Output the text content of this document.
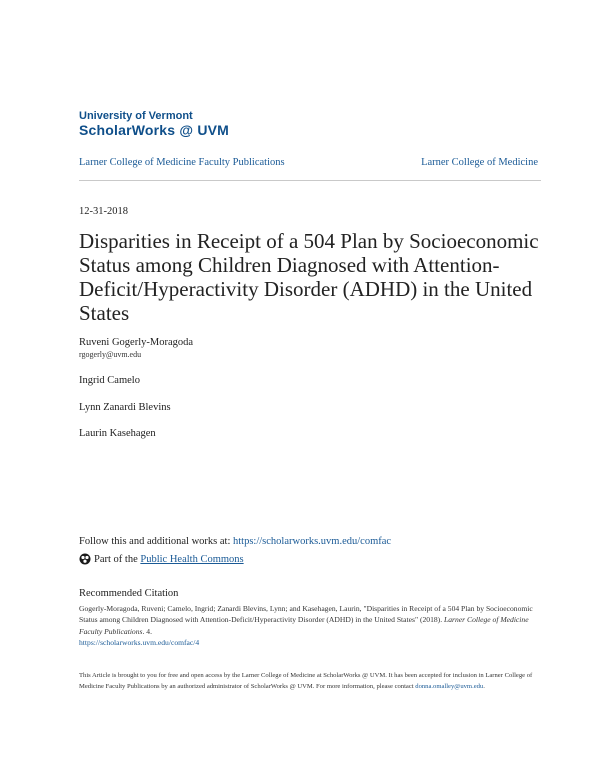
University of Vermont
ScholarWorks @ UVM
Larner College of Medicine Faculty Publications	Larner College of Medicine
12-31-2018
Disparities in Receipt of a 504 Plan by Socioeconomic Status among Children Diagnosed with Attention-Deficit/Hyperactivity Disorder (ADHD) in the United States
Ruveni Gogerly-Moragoda
rgogerly@uvm.edu
Ingrid Camelo
Lynn Zanardi Blevins
Laurin Kasehagen
Follow this and additional works at: https://scholarworks.uvm.edu/comfac
Part of the
Public Health Commons
Recommended Citation
Gogerly-Moragoda, Ruveni; Camelo, Ingrid; Zanardi Blevins, Lynn; and Kasehagen, Laurin, "Disparities in Receipt of a 504 Plan by Socioeconomic Status among Children Diagnosed with Attention-Deficit/Hyperactivity Disorder (ADHD) in the United States" (2018). Larner College of Medicine Faculty Publications. 4.
https://scholarworks.uvm.edu/comfac/4
This Article is brought to you for free and open access by the Larner College of Medicine at ScholarWorks @ UVM. It has been accepted for inclusion in Larner College of Medicine Faculty Publications by an authorized administrator of ScholarWorks @ UVM. For more information, please contact donna.omalley@uvm.edu.
